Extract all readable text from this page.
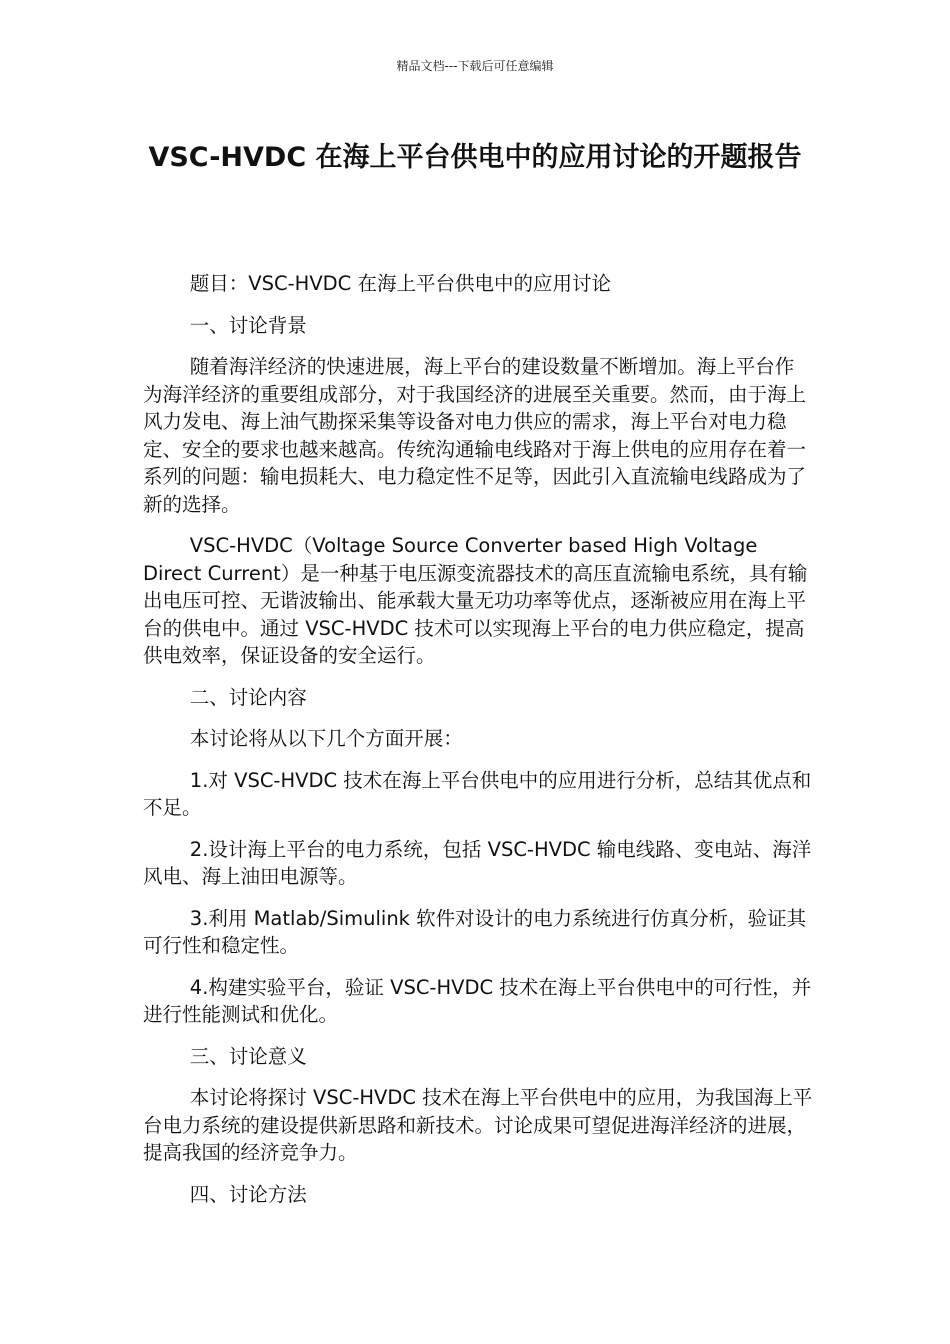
精品文档---下载后可任意编辑
VSC-HVDC 在海上平台供电中的应用讨论的开题报告

题目：VSC-HVDC 在海上平台供电中的应用讨论

一、讨论背景

随着海洋经济的快速进展，海上平台的建设数量不断增加。海上平台作为海洋经济的重要组成部分，对于我国经济的进展至关重要。然而，由于海上风力发电、海上油气勘探采集等设备对电力供应的需求，海上平台对电力稳定、安全的要求也越来越高。传统沟通输电线路对于海上供电的应用存在着一系列的问题：输电损耗大、电力稳定性不足等，因此引入直流输电线路成为了新的选择。

VSC-HVDC（Voltage Source Converter based High Voltage Direct Current）是一种基于电压源变流器技术的高压直流输电系统，具有输出电压可控、无谐波输出、能承载大量无功功率等优点，逐渐被应用在海上平台的供电中。通过 VSC-HVDC 技术可以实现海上平台的电力供应稳定，提高供电效率，保证设备的安全运行。

二、讨论内容

本讨论将从以下几个方面开展：

1.对 VSC-HVDC 技术在海上平台供电中的应用进行分析，总结其优点和不足。

2.设计海上平台的电力系统，包括 VSC-HVDC 输电线路、变电站、海洋风电、海上油田电源等。

3.利用 Matlab/Simulink 软件对设计的电力系统进行仿真分析，验证其可行性和稳定性。

4.构建实验平台，验证 VSC-HVDC 技术在海上平台供电中的可行性，并进行性能测试和优化。

三、讨论意义

本讨论将探讨 VSC-HVDC 技术在海上平台供电中的应用，为我国海上平台电力系统的建设提供新思路和新技术。讨论成果可望促进海洋经济的进展，提高我国的经济竞争力。

四、讨论方法
